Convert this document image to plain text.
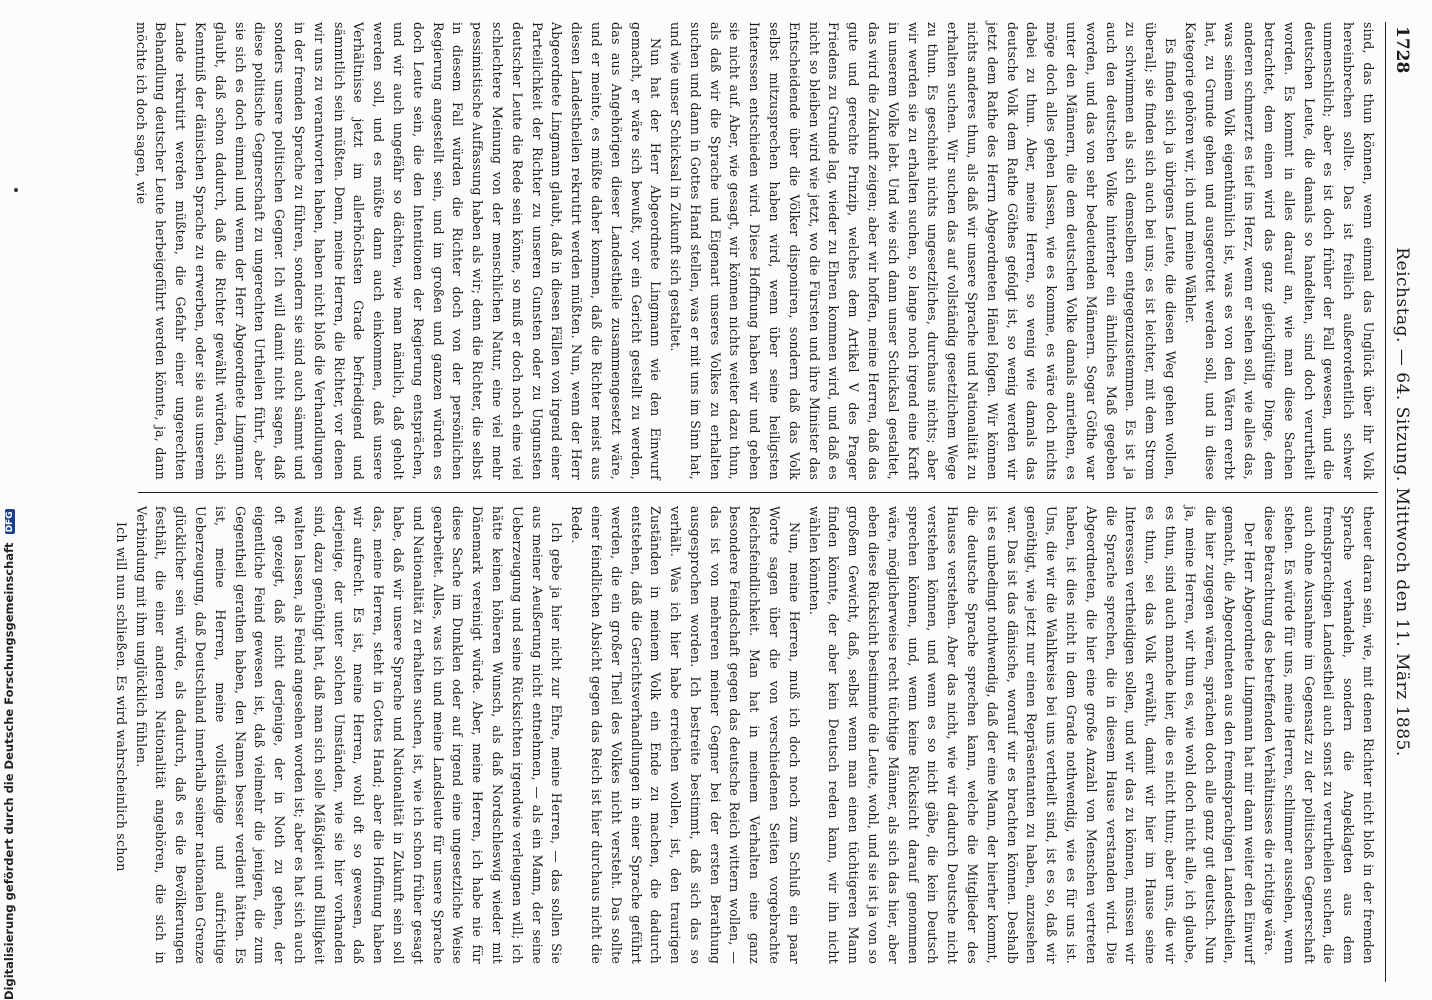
1728
Reichstag. — 64. Sitzung. Mittwoch den 11. März 1885.

sind, das thun können, wenn einmal das Unglück über ihr Volk hereinbrechen sollte. Das ist freilich außerordentlich schwer unmenschlich; aber es ist doch früher der Fall gewesen, und die deutschen Leute, die damals so handelten, sind doch verurtheilt worden. Es kommt in alles darauf an, wie man diese Sachen betrachtet, dem einen wird das ganz gleichgültige Dinge, dem anderen schmerzt es tief ins Herz, wenn er sehen soll, wie alles das, was seinem Volk eigenthümlich ist, was es von den Vätern ererbt hat, zu Grunde gehen und ausgerottet werden soll, und in diese Kategorie gehören wir, ich und meine Wähler.

Es finden sich ja übrigens Leute, die diesen Weg gehen wollen, überall; sie finden sich auch bei uns; es ist leichter, mit dem Strom zu schwimmen als sich demselben entgegenzustemmen. Es ist ja auch den deutschen Volke hinterher ein ähnliches Maß gegeben worden, und das von sehr bedeutenden Männern. Sogar Göthe war unter den Männern, die dem deutschen Volke damals anriethen, es möge doch alles gehen lassen, wie es komme, es wäre doch nichts dabei zu thun. Aber, meine Herren, so wenig wie damals das deutsche Volk dem Rathe Göthes gefolgt ist, so wenig werden wir jetzt dem Rathe des Herrn Abgeordneten Hänel folgen. Wir können nichts anderes thun, als daß wir unsere Sprache und Nationalität zu erhalten suchen. Wir suchen das auf vollständig gesetzlichem Wege zu thun. Es geschieht nichts ungesetzliches, durchaus nichts; aber wir werden sie zu erhalten suchen, so lange noch irgend eine Kraft in unserem Volke lebt. Und wie sich dann unser Schicksal gestaltet, das wird die Zukunft zeigen; aber wir hoffen, meine Herren, daß das gute und gerechte Prinzip, welches dem Artikel V des Prager Friedens zu Grunde lag, wieder zu Ehren kommen wird, und daß es nicht so bleiben wird wie jetzt, wo die Fürsten und ihre Minister das Entscheidende über die Völker disponiren, sondern daß das Volk selbst mitzusprechen haben wird, wenn über seine heiligsten Interessen entschieden wird. Diese Hoffnung haben wir und geben sie nicht auf. Aber, wie gesagt, wir können nichts weiter dazu thun, als daß wir die Sprache und Eigenart unseres Volkes zu erhalten suchen und dann in Gottes Hand stellen, was er mit uns im Sinn hat, und wie unser Schicksal in Zukunft sich gestaltet.

Nun hat der Herr Abgeordnete Lingmann wie den Einwurf gemacht, er wäre sich bewußt, vor ein Gericht gestellt zu werden, das aus Angehörigen dieser Landestheile zusammengesetzt wäre, und er meinte, es müßte daher kommen, daß die Richter meist aus diesen Landestheilen rekrutirt werden müßten. Nun, wenn der Herr Abgeordnete Lingmann glaubt, daß in diesen Fällen von irgend einer Parteilichkeit der Richter zu unseren Gunsten oder zu Ungunsten deutscher Leute die Rede sein könne, so muß er doch noch eine viel schlechtere Meinung von der menschlichen Natur, eine viel mehr pessimistische Auffassung haben als wir; denn die Richter, die selbst in diesem Fall würden die Richter doch von der persönlichen Regierung angestellt sein, und im großen und ganzen würden es doch Leute sein, die den Intentionen der Regierung entsprächen, und wir auch ungefähr so dächten, wie man nämlich, daß geholt werden soll, und es müßte dann auch einkommen, daß unsere Verhältnisse jetzt im allerhöchsten Grade befriedigend und sämmtlich sein müßten. Denn, meine Herren, die Richter, vor denen wir uns zu verantworten haben, haben nicht bloß die Verhandlungen in der fremden Sprache zu führen, sondern sie sind auch sämmt und sonders unsere politischen Gegner. Ich will damit nicht sagen, daß diese politische Gegnerschaft zu ungerechten Urtheilen führt, aber sie sich es doch einmal und wenn der Herr Abgeordnete Lingmann glaubt, daß schon dadurch, daß die Richter gewählt würden, sich Kenntniß der dänischen Sprache zu erwerben, oder sie aus unserem Lande rekrutirt werden müßten, die Gefahr einer ungerechten Behandlung deutscher Leute herbeigeführt werden könnte, ja, dann möchte ich doch sagen, wie

theuer daran sein, wie, mit denen Richter nicht bloß in der fremden Sprache verhandeln, sondern die Angeklagten aus dem fremdsprachigen Landestheil auch sonst zu verurtheilen suchen, die auch ohne Ausnahme im Gegensatz zu der politischen Gegnerschaft stehen. Es würde für uns, meine Herren, schlimmer aussehen, wenn diese Betrachtung des betreffenden Verhältnisses die richtige wäre.

Der Herr Abgeordnete Lingmann hat mir dann weiter den Einwurf gemacht, die Abgeordneten aus den fremdsprachigen Landestheilen, die hier zugegen wären, sprächen doch alle ganz gut deutsch. Nun ja, meine Herren, wir thun es, wie wohl doch nicht alle, ich glaube, es thun, sind auch manche hier, die es nicht thun; aber uns, die wir es thun, sei das Volk erwählt, damit wir hier im Hause seine Interessen vertheidigen sollen, und wir das zu können, müssen wir die Sprache sprechen, die in diesem Hause verstanden wird. Die Abgeordneten, die hier eine große Anzahl von Menschen vertreten haben, ist dies nicht in dem Grade nothwendig, wie es für uns ist. Uns, die wir die Wahlkreise bei uns vertheilt sind, ist es so, daß wir genöthigt, wie jetzt nur einen Repräsentanten zu haben, anzusehen war. Das ist das dänische, worauf wir es brachten können. Deshalb ist es unbedingt nothwendig, daß der eine Mann, der hierher kommt, die deutsche Sprache sprechen kann, welche die Mitglieder des Hauses verstehen. Aber das nicht, wie wir dadurch Deutsche nicht verstehen können, und wenn es so nicht gäbe, die kein Deutsch sprechen können, und, wenn keine Rücksicht darauf genommen wäre, möglicherweise recht tüchtige Männer, als sich das hier, aber eben diese Rücksicht bestimmte die Leute, wohl, und sie ist ja von so großem Gewicht, daß, selbst wenn man einen tüchtigeren Mann finden könnte, der aber kein Deutsch reden kann, wir ihn nicht wählen könnten.

Nun, meine Herren, muß ich doch noch zum Schluß ein paar Worte sagen über die von verschiedenen Seiten vorgebrachte Reichsfeindlichkeit. Man hat in meinem Verhalten eine ganz besondere Feindschaft gegen das deutsche Reich wittern wollen, — das ist von mehreren meiner Gegner bei der ersten Berathung ausgesprochen worden. Ich bestreite bestimmt, daß sich das so verhält. Was ich hier habe erreichen wollen, ist, den traurigen Zuständen in meinem Volk ein Ende zu machen, die dadurch entstehen, daß die Gerichtsverhandlungen in einer Sprache geführt werden, die ein großer Theil des Volkes nicht versteht. Das sollte einer feindlichen Absicht gegen das Reich ist hier durchaus nicht die Rede.

Ich gebe ja hier nicht zur Ehre, meine Herren, — das sollen Sie aus meiner Aeußerung nicht entnehmen, — als ein Mann, der seine Ueberzeugung und seine Rücksichten irgendwie verleugnen will; ich hätte keinen höheren Wunsch, als daß Nordschleswig wieder mit Dänemark vereinigt würde. Aber, meine Herren, ich habe nie für diese Sache im Dunklen oder auf irgend eine ungesetzliche Weise gearbeitet. Alles, was ich und meine Landsleute für unsere Sprache und Nationalität zu erhalten suchen, ist, wie ich schon früher gesagt habe, daß wir unsere Sprache und Nationalität in Zukunft sein soll das, meine Herren, steht in Gottes Hand; aber die Hoffnung haben wir aufrecht. Es ist, meine Herren, wohl oft so gewesen, daß derjenige, der unter solchen Umständen, wie sie hier vorhanden sind, dazu genöthigt hat, daß man sich solle Mäßigkeit und Billigkeit walten lassen, als Feind angesehen worden ist; aber es hat sich auch oft gezeigt, daß nicht derjenige, der in Noth zu gehen, der eigentliche Feind gewesen ist, daß vielmehr die jenigen, die zum Gegentheil gerathen haben, den Namen besser verdient hätten. Es ist, meine Herren, meine vollständige und aufrichtige Ueberzeugung, daß Deutschland innerhalb seiner nationalen Grenze glücklicher sein würde, als dadurch, daß es die Bevölkerungen festhält, die einer anderen Nationalität angehören, die sich in Verbindung mit ihm unglücklich fühlen.

Ich will nun schließen. Es wird wahrscheinlich schon

Digitalisierung gefördert durch die Deutsche Forschungsgemeinschaft DFG
